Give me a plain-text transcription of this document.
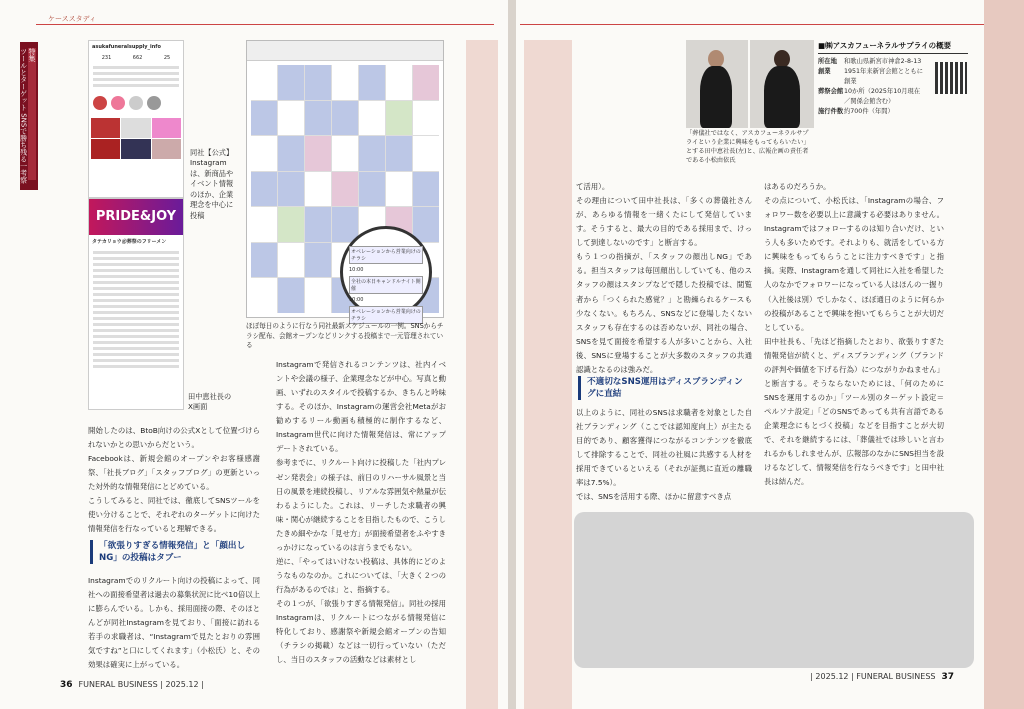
ケーススタディ
特集
ツールとターゲット SNSで勝ち残る一考察
asukafuneralsupply_info
231	662	25
同社【公式】Instagramは、新商品やイベント情報のほか、企業理念を中心に投稿
PRIDE&JOY
タテカリョウ＠葬祭のフリーメン
田中恵社長のX画面
オペレーションから営業向けのチラシ
10:00
全社の本日キャンドルナイト開催
10:00
オペレーションから営業向けのチラシ
ほぼ毎日のように行なう同社最新スケジュールの一例。SNSからチラシ配布、会館オープンなどリンクする投稿まで一元管理されている
開始したのは、BtoB向けの公式Xとして位置づけられないかとの思いからだという。
Facebookは、新規会館のオープンやお客様感謝祭、「社長ブログ」「スタッフブログ」の更新といった対外的な情報発信にとどめている。
こうしてみると、同社では、徹底してSNSツールを使い分けることで、それぞれのターゲットに向けた情報発信を行なっていると理解できる。
「欲張りすぎる情報発信」と「顔出しNG」の投稿はタブー
Instagramでのリクルート向けの投稿によって、同社への面接希望者は過去の募集状況に比べ10倍以上に膨らんでいる。しかも、採用面接の際、そのほとんどが同社Instagramを見ており、「面接に訪れる若手の求職者は、“Instagramで見たとおりの雰囲気ですね”と口にしてくれます」（小松氏）と、その効果は確実に上がっている。
Instagramで発信されるコンテンツは、社内イベントや会議の様子、企業理念などが中心。写真と動画、いずれのスタイルで投稿するか、きちんと吟味する。そのほか、Instagramの運営会社Metaがお勧めするリール動画も積極的に制作するなど、Instagram世代に向けた情報発信は、常にアップデートされている。
参考までに、リクルート向けに投稿した「社内プレゼン発表会」の様子は、前日のリハーサル風景と当日の風景を連続投稿し、リアルな雰囲気や熱量が伝わるようにした。これは、リーチした求職者の興味・関心が継続することを目指したもので、こうしたきめ細やかな「見せ方」が面接希望者をふやすきっかけになっているのは言うまでもない。
逆に、「やってはいけない投稿は、具体的にどのようなものなのか。これについては、「大きく２つの行為があるのでは」と、指摘する。
その１つが、「欲張りすぎる情報発信」。同社の採用Instagramは、リクルートにつながる情報発信に特化しており、感謝祭や新規会館オープンの告知（チラシの掲載）などは一切行っていない（ただし、当日のスタッフの活動などは素材とし
36 FUNERAL BUSINESS | 2025.12 |
「葬儀社ではなく、アスカフューネラルサプライという企業に興味をもってもらいたい」とする田中恵社長(左)と、広報企画の責任者である小松由依氏
■㈱アスカフューネラルサプライの概要
所在地	和歌山県新宮市神倉2-8-13
創業	1951年来新宮会館とともに創業
葬祭会館 10か所（2025年10月現在／関係会館含む）
施行件数 約700件（年間）
て活用）。
その理由について田中社長は、「多くの葬儀社さんが、あらゆる情報を一緒くたにして発信しています。そうすると、最大の目的である採用まで、けっして到達しないのです」と断言する。
もう１つの指摘が、「スタッフの顔出しNG」である。担当スタッフは毎回顔出ししていても、他のスタッフの顔はスタンプなどで隠した投稿では、閲覧者から「つくられた感覚？」と勘繰られるケースも少なくない。もちろん、SNSなどに登場したくないスタッフも存在するのは否めないが、同社の場合、SNSを見て面接を希望する人が多いことから、入社後、SNSに登場することが大多数のスタッフの共通認識となるのは強みだ。
不適切なSNS運用はディスブランディングに直結
以上のように、同社のSNSは求職者を対象とした自社ブランディング（ここでは認知度向上）が主たる目的であり、顧客獲得につながるコンテンツを徹底して排除することで、同社の社風に共感する人材を採用できているといえる（それが証拠に直近の離職率は7.5%）。
では、SNSを活用する際、ほかに留意すべき点
はあるのだろうか。
その点について、小松氏は、「Instagramの場合、フォロワー数を必要以上に意識する必要はありません。Instagramではフォローするのは知り合いだけ、という人も多いためです。それよりも、就活をしている方に興味をもってもらうことに注力すべきです」と指摘。実際、Instagramを通して同社に入社を希望した人のなかでフォロワーになっている人はほんの一握り（入社後は別）でしかなく、ほぼ通日のように何らかの投稿があることで興味を抱いてもらうことが大切だとしている。
田中社長も、「先ほど指摘したとおり、欲張りすぎた情報発信が続くと、ディスブランディング（ブランドの評判や価値を下げる行為）につながりかねません」と断言する。そうならないためには、「何のためにSNSを運用するのか」「ツール別のターゲット設定＝ペルソナ設定」「どのSNSであっても共有言語である企業理念にもとづく投稿」などを目指すことが大切で、それを継続するには、「葬儀社では珍しいと言われるかもしれませんが、広報部のなかにSNS担当を設けるなどして、情報発信を行なうべきです」と田中社長は結んだ。
| 2025.12 | FUNERAL BUSINESS 37
